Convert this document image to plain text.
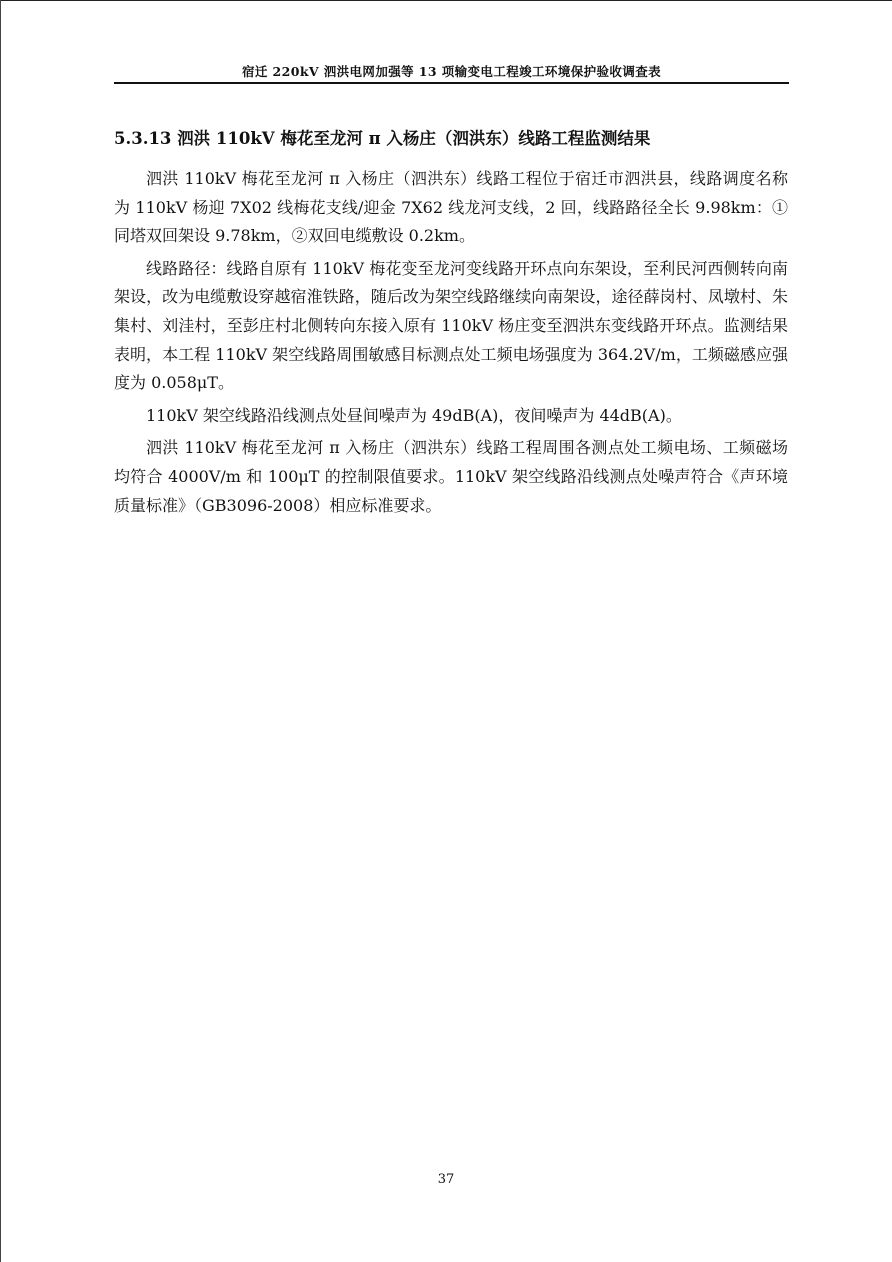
宿迁 220kV 泗洪电网加强等 13 项输变电工程竣工环境保护验收调查表
5.3.13 泗洪 110kV 梅花至龙河 π 入杨庄（泗洪东）线路工程监测结果

泗洪 110kV 梅花至龙河 π 入杨庄（泗洪东）线路工程位于宿迁市泗洪县，线路调度名称为 110kV 杨迎 7X02 线梅花支线/迎金 7X62 线龙河支线，2 回，线路路径全长 9.98km：①同塔双回架设 9.78km，②双回电缆敷设 0.2km。

线路路径：线路自原有 110kV 梅花变至龙河变线路开环点向东架设，至利民河西侧转向南架设，改为电缆敷设穿越宿淮铁路，随后改为架空线路继续向南架设，途径薛岗村、凤墩村、朱集村、刘洼村，至彭庄村北侧转向东接入原有 110kV 杨庄变至泗洪东变线路开环点。监测结果表明，本工程 110kV 架空线路周围敏感目标测点处工频电场强度为 364.2V/m，工频磁感应强度为 0.058μT。

110kV 架空线路沿线测点处昼间噪声为 49dB(A)，夜间噪声为 44dB(A)。

泗洪 110kV 梅花至龙河 π 入杨庄（泗洪东）线路工程周围各测点处工频电场、工频磁场均符合 4000V/m 和 100μT 的控制限值要求。110kV 架空线路沿线测点处噪声符合《声环境质量标准》（GB3096-2008）相应标准要求。

37
